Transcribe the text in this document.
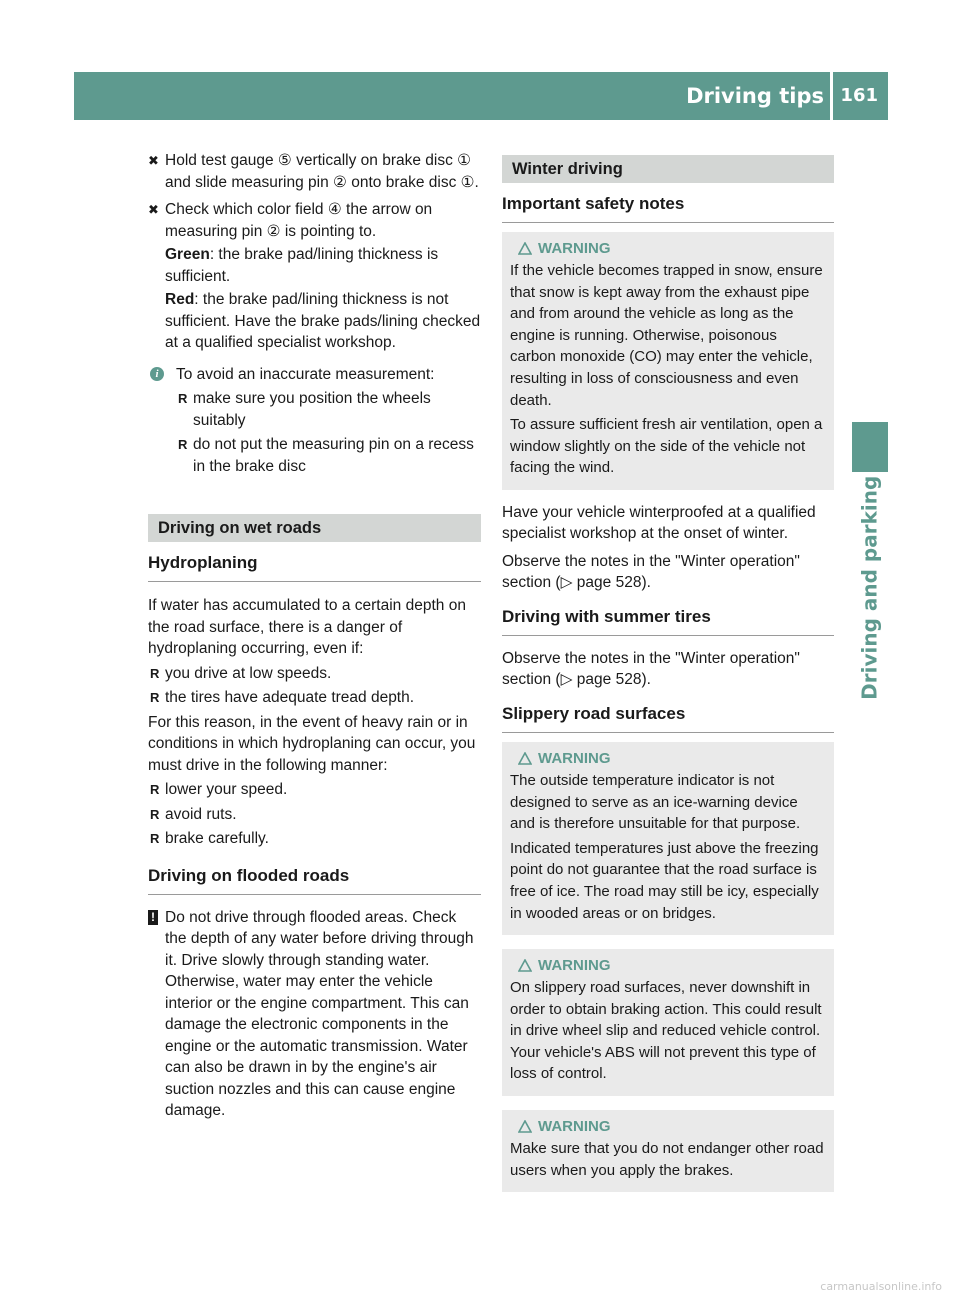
Driving tips 161
Driving and parking
✖ Hold test gauge ⑤ vertically on brake disc ① and slide measuring pin ② onto brake disc ①.

✖ Check which color field ④ the arrow on measuring pin ② is pointing to.

Green: the brake pad/lining thickness is sufficient.

Red: the brake pad/lining thickness is not sufficient. Have the brake pads/lining checked at a qualified specialist workshop.

i	To avoid an inaccurate measurement:

R make sure you position the wheels suitably
R do not put the measuring pin on a recess in the brake disc
Driving on wet roads
Hydroplaning

If water has accumulated to a certain depth on the road surface, there is a danger of hydroplaning occurring, even if:

R you drive at low speeds.
R the tires have adequate tread depth.

For this reason, in the event of heavy rain or in conditions in which hydroplaning can occur, you must drive in the following manner:

R lower your speed.
R avoid ruts.
R brake carefully.
Driving on flooded roads
! Do not drive through flooded areas. Check the depth of any water before driving through it. Drive slowly through standing water. Otherwise, water may enter the vehicle interior or the engine compartment. This can damage the electronic components in the engine or the automatic transmission. Water can also be drawn in by the engine's air suction nozzles and this can cause engine damage.

Winter driving
Important safety notes
WARNING

If the vehicle becomes trapped in snow, ensure that snow is kept away from the exhaust pipe and from around the vehicle as long as the engine is running. Otherwise, poisonous carbon monoxide (CO) may enter the vehicle, resulting in loss of consciousness and even death.

To assure sufficient fresh air ventilation, open a window slightly on the side of the vehicle not facing the wind.

Have your vehicle winterproofed at a qualified specialist workshop at the onset of winter.

Observe the notes in the "Winter operation" section (▷ page 528).

Driving with summer tires

Observe the notes in the "Winter operation" section (▷ page 528).

Slippery road surfaces
WARNING

The outside temperature indicator is not designed to serve as an ice-warning device and is therefore unsuitable for that purpose.

Indicated temperatures just above the freezing point do not guarantee that the road surface is free of ice. The road may still be icy, especially in wooded areas or on bridges.

WARNING

On slippery road surfaces, never downshift in order to obtain braking action. This could result in drive wheel slip and reduced vehicle control. Your vehicle's ABS will not prevent this type of loss of control.

WARNING

Make sure that you do not endanger other road users when you apply the brakes.

carmanualsonline.info
